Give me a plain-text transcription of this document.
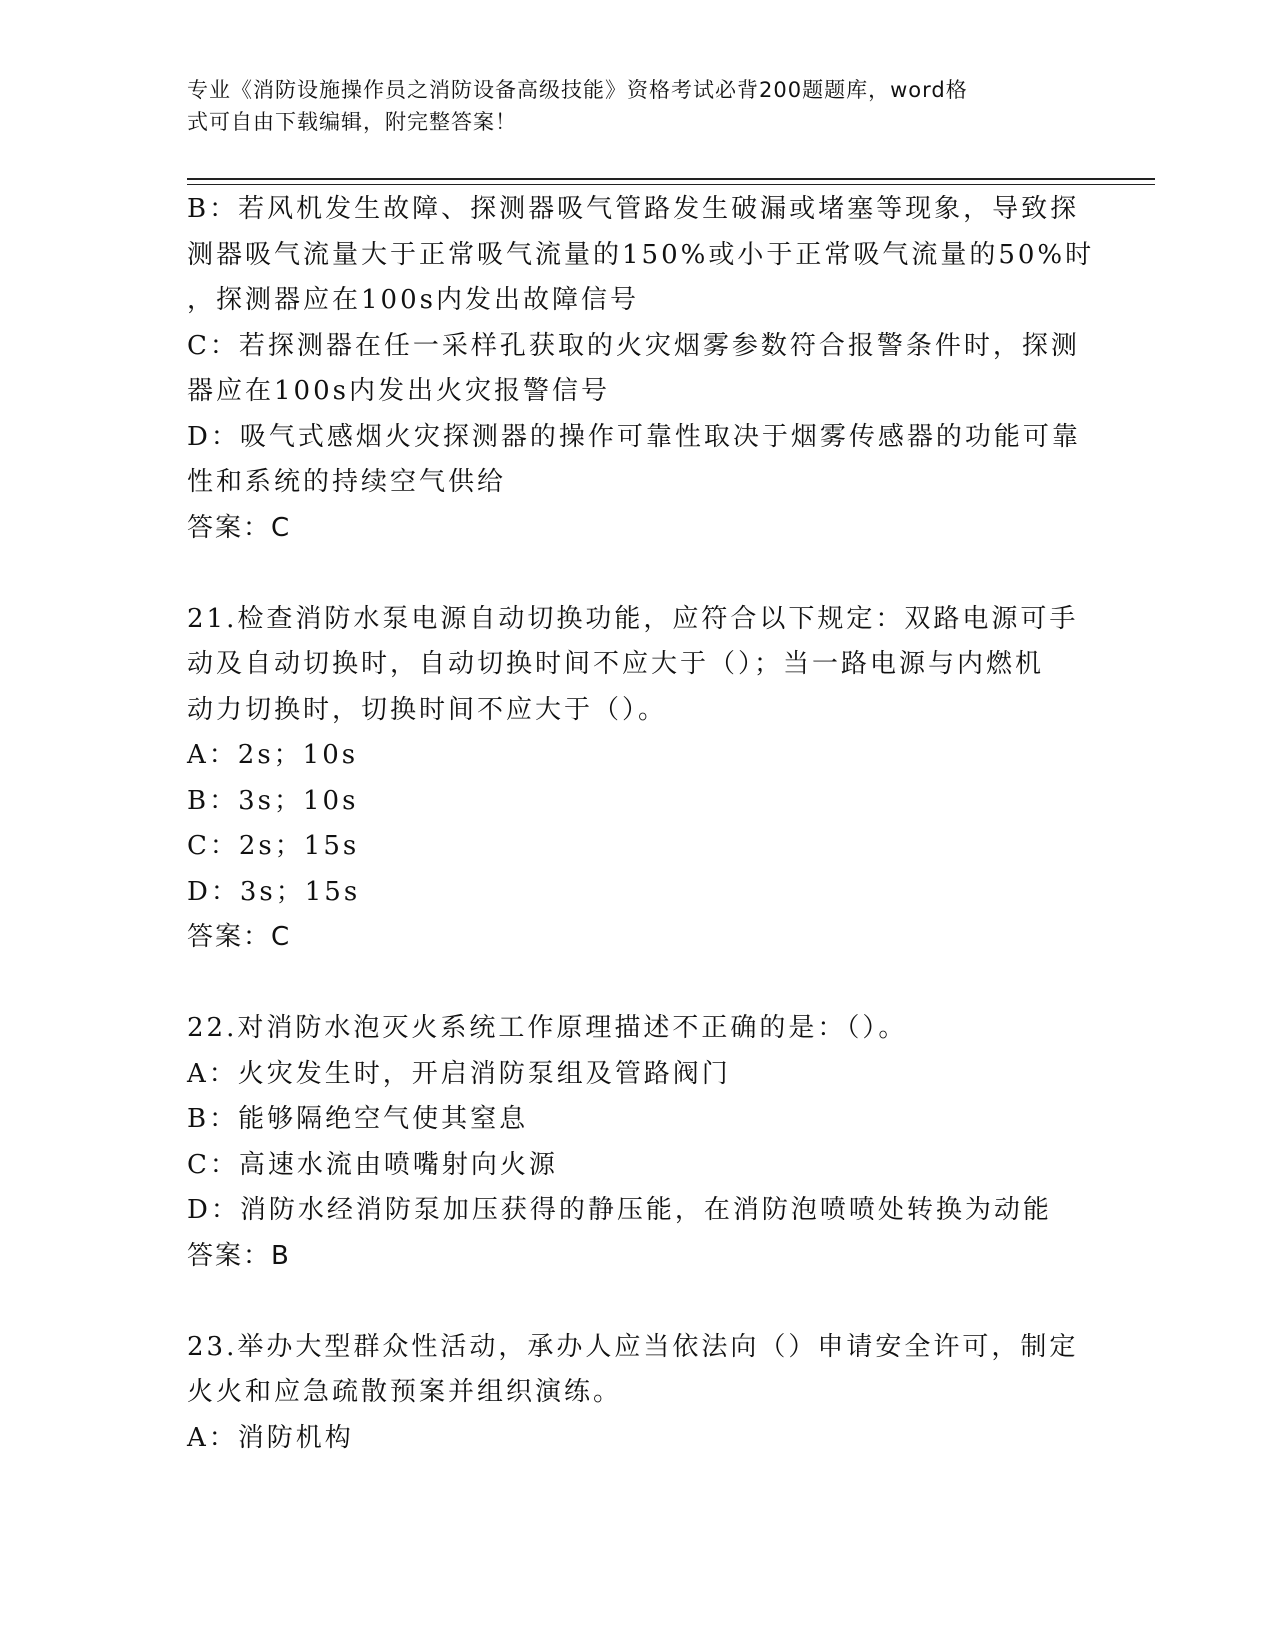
专业《消防设施操作员之消防设备高级技能》资格考试必背200题题库，word格
式可自由下载编辑，附完整答案！
B：若风机发生故障、探测器吸气管路发生破漏或堵塞等现象，导致探
测器吸气流量大于正常吸气流量的150%或小于正常吸气流量的50%时
，探测器应在100s内发出故障信号
C：若探测器在任一采样孔获取的火灾烟雾参数符合报警条件时，探测
器应在100s内发出火灾报警信号
D：吸气式感烟火灾探测器的操作可靠性取决于烟雾传感器的功能可靠
性和系统的持续空气供给
答案：C
21.检查消防水泵电源自动切换功能，应符合以下规定：双路电源可手
动及自动切换时，自动切换时间不应大于（）；当一路电源与内燃机
动力切换时，切换时间不应大于（）。
A：2s；10s
B：3s；10s
C：2s；15s
D：3s；15s
答案：C
22.对消防水泡灭火系统工作原理描述不正确的是：（）。
A：火灾发生时，开启消防泵组及管路阀门
B：能够隔绝空气使其窒息
C：高速水流由喷嘴射向火源
D：消防水经消防泵加压获得的静压能，在消防泡喷喷处转换为动能
答案：B
23.举办大型群众性活动，承办人应当依法向（）申请安全许可，制定
火火和应急疏散预案并组织演练。
A：消防机构
